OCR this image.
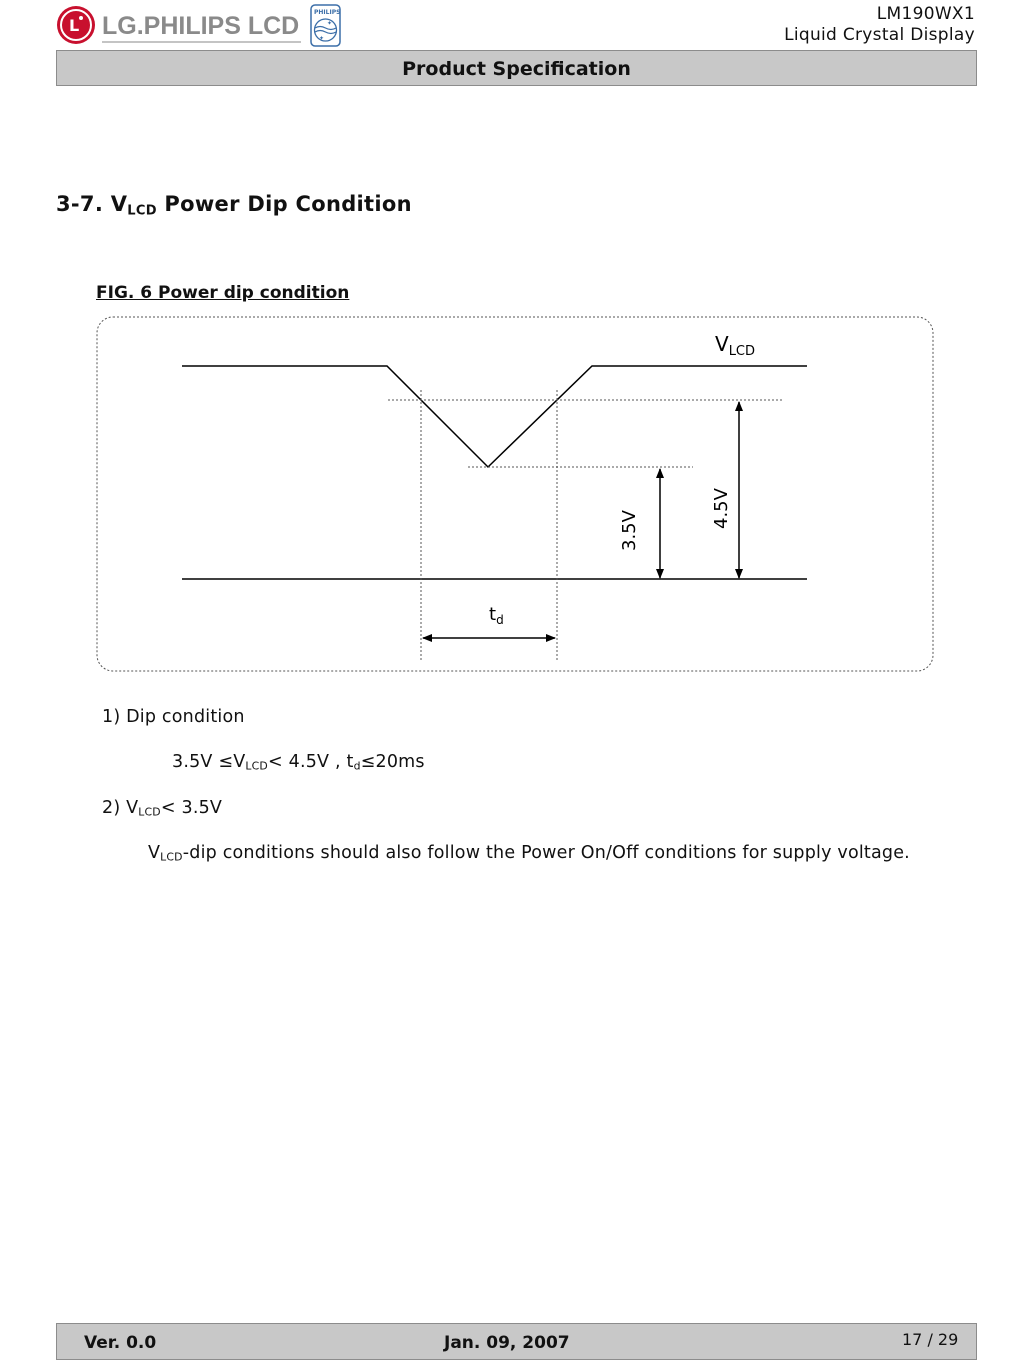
L LG.PHILIPS LCD PHILIPS
✦
✦	LM190WX1
Liquid Crystal Display
Product Specification
3-7. $V_{LCD}$ Power Dip Condition
FIG. 6 Power dip condition
$V_{LCD}$
3.5V
4.5V
$t_d$
1) Dip condition
$3.5V \le V_{LCD}< 4.5V$ , $t_d\le 20ms$
2) $V_{LCD}< 3.5V$
$V_{LCD}$-dip conditions should also follow the Power On/Off conditions for supply voltage.
Ver. 0.0	Jan. 09, 2007	17 / 29
